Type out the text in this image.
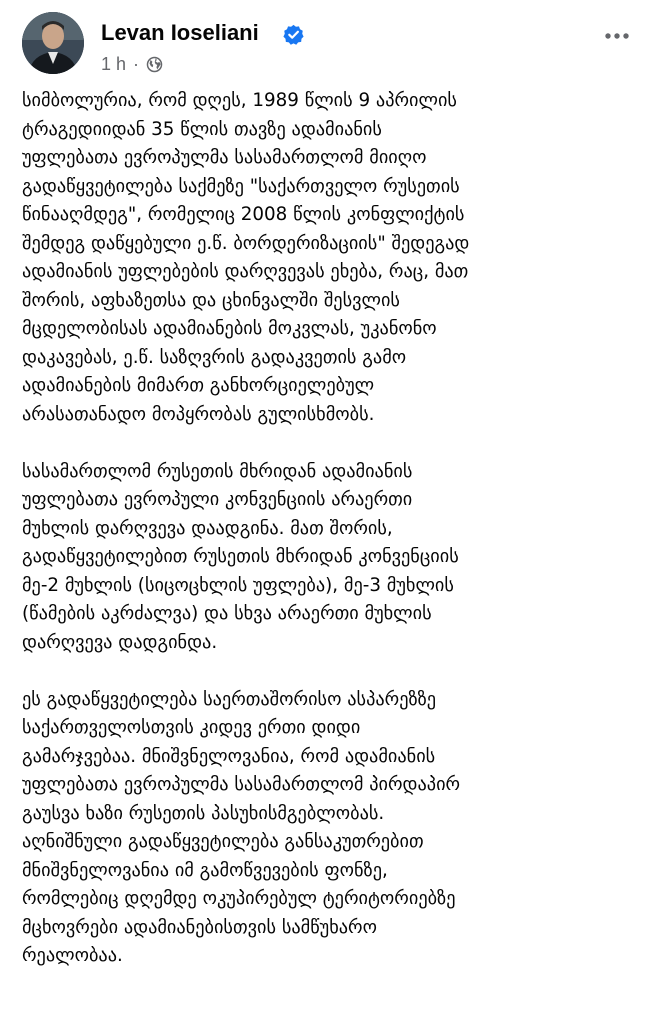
Levan Ioseliani
1 h ·

სიმბოლურია, რომ დღეს, 1989 წლის 9 აპრილის
ტრაგედიიდან 35 წლის თავზე ადამიანის
უფლებათა ევროპულმა სასამართლომ მიიღო
გადაწყვეტილება საქმეზე "საქართველო რუსეთის
წინააღმდეგ", რომელიც 2008 წლის კონფლიქტის
შემდეგ დაწყებული ე.წ. ბორდერიზაციის" შედეგად
ადამიანის უფლებების დარღვევას ეხება, რაც, მათ
შორის, აფხაზეთსა და ცხინვალში შესვლის
მცდელობისას ადამიანების მოკვლას, უკანონო
დაკავებას, ე.წ. საზღვრის გადაკვეთის გამო
ადამიანების მიმართ განხორციელებულ
არასათანადო მოპყრობას გულისხმობს.

სასამართლომ რუსეთის მხრიდან ადამიანის
უფლებათა ევროპული კონვენციის არაერთი
მუხლის დარღვევა დაადგინა. მათ შორის,
გადაწყვეტილებით რუსეთის მხრიდან კონვენციის
მე-2 მუხლის (სიცოცხლის უფლება), მე-3 მუხლის
(წამების აკრძალვა) და სხვა არაერთი მუხლის
დარღვევა დადგინდა.

ეს გადაწყვეტილება საერთაშორისო ასპარეზზე
საქართველოსთვის კიდევ ერთი დიდი
გამარჯვებაა. მნიშვნელოვანია, რომ ადამიანის
უფლებათა ევროპულმა სასამართლომ პირდაპირ
გაუსვა ხაზი რუსეთის პასუხისმგებლობას.
აღნიშნული გადაწყვეტილება განსაკუთრებით
მნიშვნელოვანია იმ გამოწვევების ფონზე,
რომლებიც დღემდე ოკუპირებულ ტერიტორიებზე
მცხოვრები ადამიანებისთვის სამწუხარო
რეალობაა.
